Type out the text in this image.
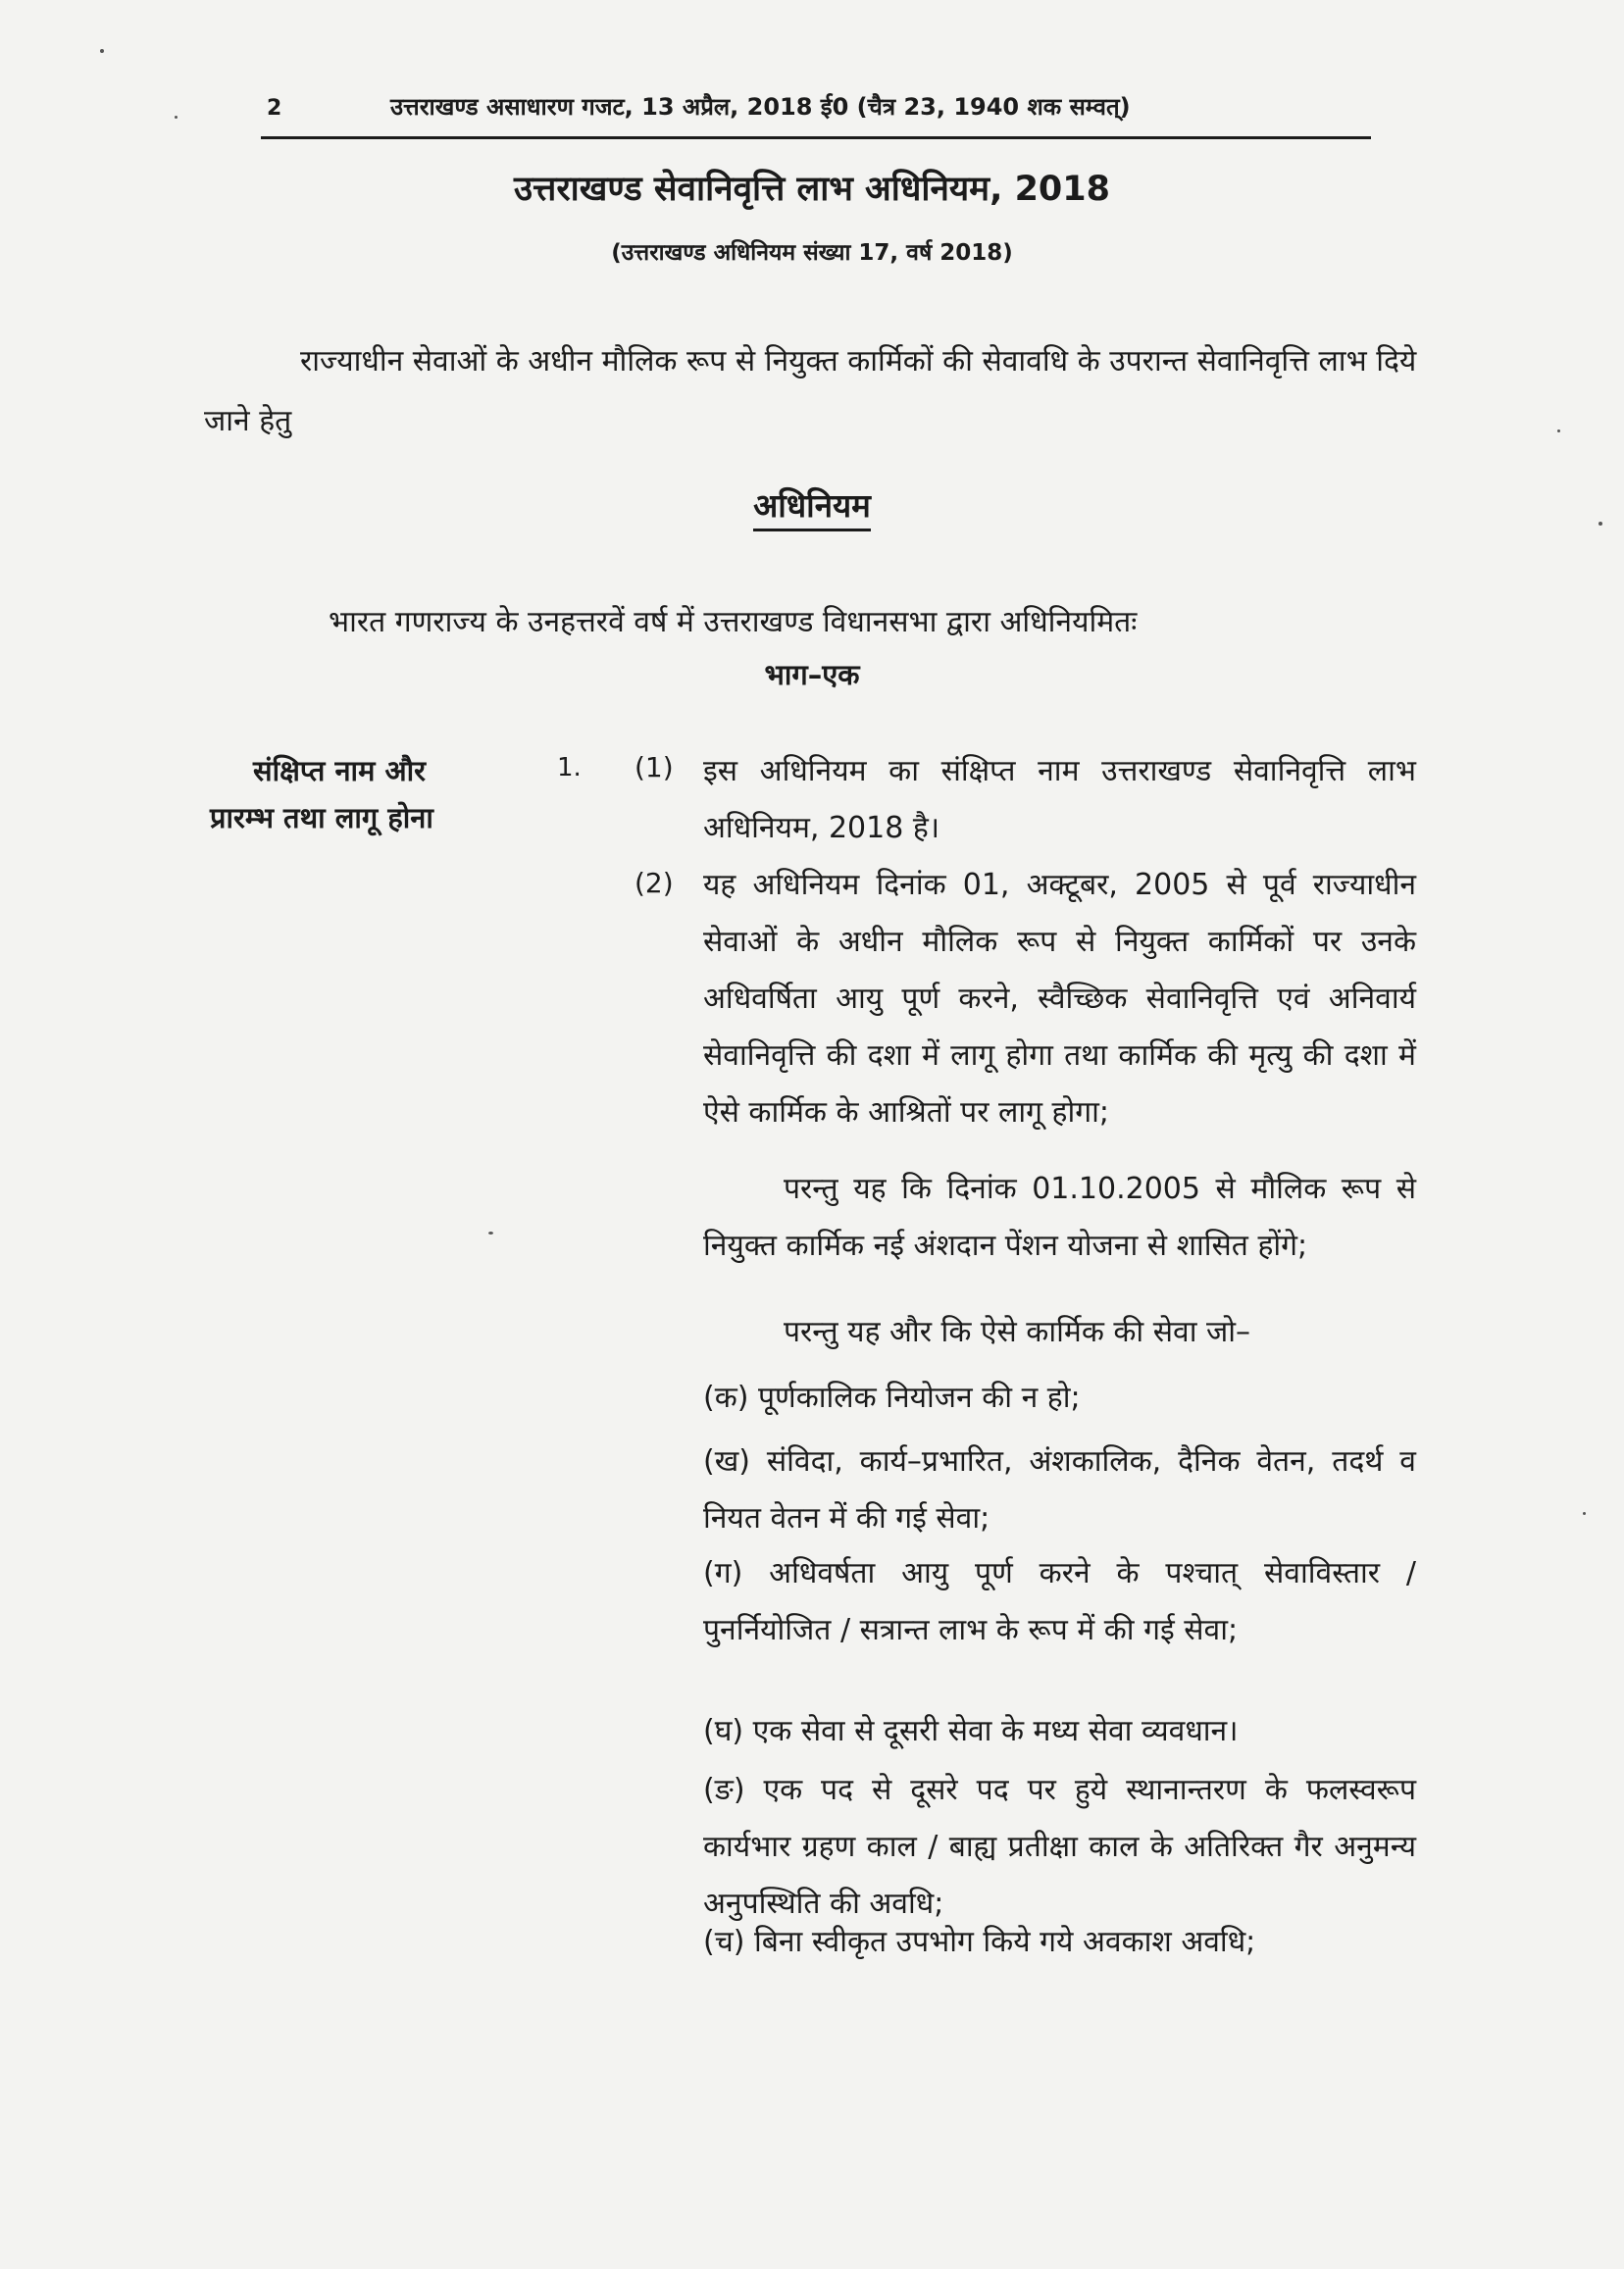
2	उत्तराखण्ड असाधारण गजट, 13 अप्रैल, 2018 ई0 (चैत्र 23, 1940 शक सम्वत्)
उत्तराखण्ड सेवानिवृत्ति लाभ अधिनियम, 2018
(उत्तराखण्ड अधिनियम संख्या 17, वर्ष 2018)
राज्याधीन सेवाओं के अधीन मौलिक रूप से नियुक्त कार्मिकों की सेवावधि के उपरान्त सेवानिवृत्ति लाभ दिये जाने हेतु
अधिनियम
भारत गणराज्य के उनहत्तरवें वर्ष में उत्तराखण्ड विधानसभा द्वारा अधिनियमितः
भाग–एक
संक्षिप्त नाम और
प्रारम्भ तथा लागू होना
1. (1) इस अधिनियम का संक्षिप्त नाम उत्तराखण्ड सेवानिवृत्ति लाभ अधिनियम, 2018 है।
(2) यह अधिनियम दिनांक 01, अक्टूबर, 2005 से पूर्व राज्याधीन सेवाओं के अधीन मौलिक रूप से नियुक्त कार्मिकों पर उनके अधिवर्षिता आयु पूर्ण करने, स्वैच्छिक सेवानिवृत्ति एवं अनिवार्य सेवानिवृत्ति की दशा में लागू होगा तथा कार्मिक की मृत्यु की दशा में ऐसे कार्मिक के आश्रितों पर लागू होगा;
परन्तु यह कि दिनांक 01.10.2005 से मौलिक रूप से नियुक्त कार्मिक नई अंशदान पेंशन योजना से शासित होंगे;
परन्तु यह और कि ऐसे कार्मिक की सेवा जो–
(क) पूर्णकालिक नियोजन की न हो;
(ख) संविदा, कार्य–प्रभारित, अंशकालिक, दैनिक वेतन, तदर्थ व नियत वेतन में की गई सेवा;
(ग) अधिवर्षता आयु पूर्ण करने के पश्चात् सेवाविस्तार / पुनर्नियोजित / सत्रान्त लाभ के रूप में की गई सेवा;
(घ) एक सेवा से दूसरी सेवा के मध्य सेवा व्यवधान।
(ङ) एक पद से दूसरे पद पर हुये स्थानान्तरण के फलस्वरूप कार्यभार ग्रहण काल / बाह्य प्रतीक्षा काल के अतिरिक्त गैर अनुमन्य अनुपस्थिति की अवधि;
(च) बिना स्वीकृत उपभोग किये गये अवकाश अवधि;
